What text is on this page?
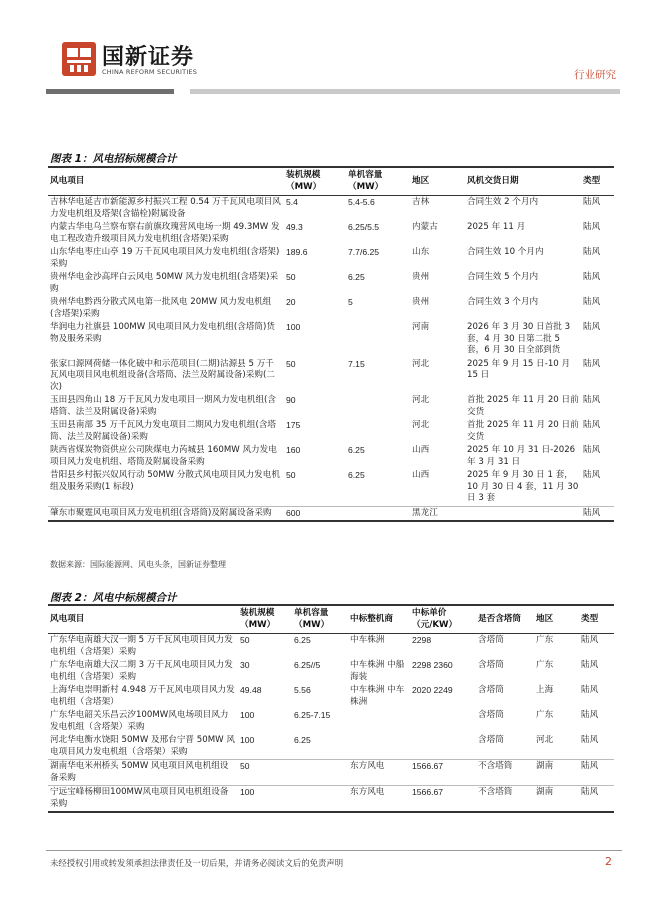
国新证券
CHINA REFORM SECURITIES	行业研究
图表 1：风电招标规模合计
风电项目	装机规模（MW）	单机容量（MW）	地区	风机交货日期	类型
吉林华电延吉市新能源乡村振兴工程 0.54 万千瓦风电项目风力发电机组及塔架(含锚栓)附属设备	5.4	5.4-5.6	吉林	合同生效 2 个月内	陆风
内蒙古华电乌兰察布察右前旗玫瑰营风电场一期 49.3MW 发电工程改造升级项目风力发电机组(含塔架)采购	49.3	6.25/5.5	内蒙古	2025 年 11 月	陆风
山东华电枣庄山亭 19 万千瓦风电项目风力发电机组(含塔架)采购	189.6	7.7/6.25	山东	合同生效 10 个月内	陆风
贵州华电金沙高坪白云风电 50MW 风力发电机组(含塔架)采购	50	6.25	贵州	合同生效 5 个月内	陆风
贵州华电黔西分散式风电第一批风电 20MW 风力发电机组(含塔架)采购	20	5	贵州	合同生效 3 个月内	陆风
华润电力社旗县 100MW 风电项目风力发电机组(含塔筒)货物及服务采购	100		河南	2026 年 3 月 30 日首批 3 套，4 月 30 日第二批 5 套，6 月 30 日全部到货	陆风
张家口源网荷储一体化破中和示范项目(二期)沽源县 5 万千瓦风电项目风电机组设备(含塔筒、法兰及附属设备)采购(二次)	50	7.15	河北	2025 年 9 月 15 日-10 月 15 日	陆风
玉田县四角山 18 万千瓦风力发电项目一期风力发电机组(含塔筒、法兰及附属设备)采购	90		河北	首批 2025 年 11 月 20 日前交货	陆风
玉田县南部 35 万千瓦风力发电项目二期风力发电机组(含塔筒、法兰及附属设备)采购	175		河北	首批 2025 年 11 月 20 日前交货	陆风
陕西省煤炭物资供应公司陕煤电力芮城县 160MW 风力发电项目风力发电机组、塔筒及附属设备采购	160	6.25	山西	2025 年 10 月 31 日-2026 年 3 月 31 日	陆风
昔阳县乡村振兴奴风行动 50MW 分散式风电项目风力发电机组及服务采购(1 标段)	50	6.25	山西	2025 年 9 月 30 日 1 套，10 月 30 日 4 套，11 月 30 日 3 套	陆风
肇东市聚霆风电项目风力发电机组(含塔筒)及附属设备采购	600		黑龙江		陆风
数据来源：国际能源网、风电头条，国新证券整理
图表 2：风电中标规模合计
风电项目	装机规模（MW）	单机容量（MW）	中标整机商	中标单价（元/KW）	是否含塔筒	地区	类型
广东华电南雄大汉一期 5 万千瓦风电项目风力发电机组（含塔架）采购	50	6.25	中车株洲	2298	含塔筒	广东	陆风
广东华电南雄大汉二期 3 万千瓦风电项目风力发电机组（含塔架）采购	30	6.25//5	中车株洲 中船海装	2298 2360	含塔筒	广东	陆风
上海华电崇明新村 4.948 万千瓦风电项目风力发电机组（含塔架）	49.48	5.56	中车株洲 中车株洲	2020 2249	含塔筒	上海	陆风
广东华电韶关乐昌云汐100MW风电场项目风力发电机组（含塔架）采购	100	6.25-7.15			含塔筒	广东	陆风
河北华电衡水饶阳 50MW 及邢台宁晋 50MW 风电项目风力发电机组（含塔架）采购	100	6.25			含塔筒	河北	陆风
湖南华电米州桥头 50MW 风电项目风电机组设备采购	50		东方风电	1566.67	不含塔筒	湖南	陆风
宁远宝峰杨柳田100MW风电项目风电机组设备采购	100		东方风电	1566.67	不含塔筒	湖南	陆风
未经授权引用或转发须承担法律责任及一切后果，并请务必阅读文后的免责声明	2
